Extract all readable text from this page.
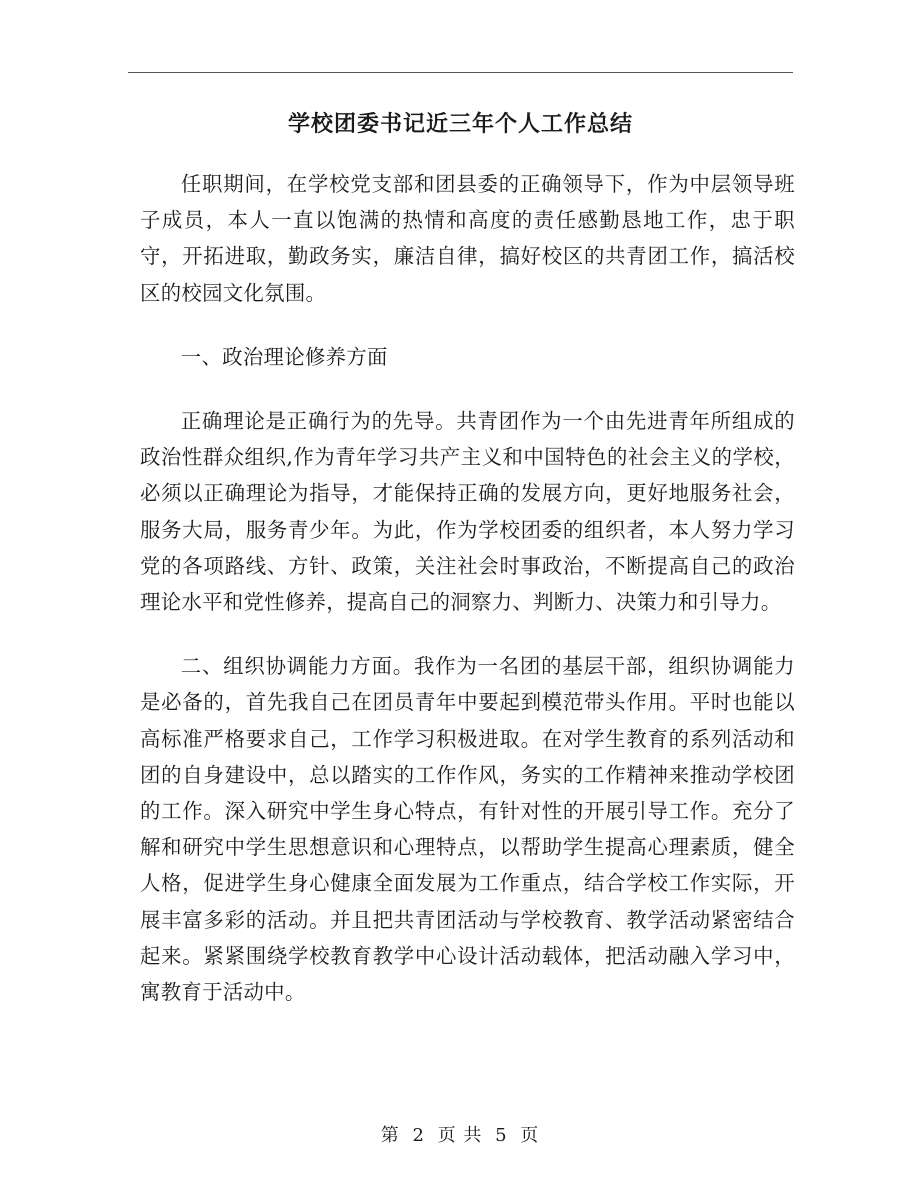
学校团委书记近三年个人工作总结

任职期间，在学校党支部和团县委的正确领导下，作为中层领导班子成员，本人一直以饱满的热情和高度的责任感勤恳地工作，忠于职守，开拓进取，勤政务实，廉洁自律，搞好校区的共青团工作，搞活校区的校园文化氛围。

一、政治理论修养方面

正确理论是正确行为的先导。共青团作为一个由先进青年所组成的政治性群众组织,作为青年学习共产主义和中国特色的社会主义的学校，必须以正确理论为指导，才能保持正确的发展方向，更好地服务社会，服务大局，服务青少年。为此，作为学校团委的组织者，本人努力学习党的各项路线、方针、政策，关注社会时事政治，不断提高自己的政治理论水平和党性修养，提高自己的洞察力、判断力、决策力和引导力。

二、组织协调能力方面。我作为一名团的基层干部，组织协调能力是必备的，首先我自己在团员青年中要起到模范带头作用。平时也能以高标准严格要求自己，工作学习积极进取。在对学生教育的系列活动和团的自身建设中，总以踏实的工作作风，务实的工作精神来推动学校团的工作。深入研究中学生身心特点，有针对性的开展引导工作。充分了解和研究中学生思想意识和心理特点，以帮助学生提高心理素质，健全人格，促进学生身心健康全面发展为工作重点，结合学校工作实际，开展丰富多彩的活动。并且把共青团活动与学校教育、教学活动紧密结合起来。紧紧围绕学校教育教学中心设计活动载体，把活动融入学习中，寓教育于活动中。

第 2 页 共 5 页
